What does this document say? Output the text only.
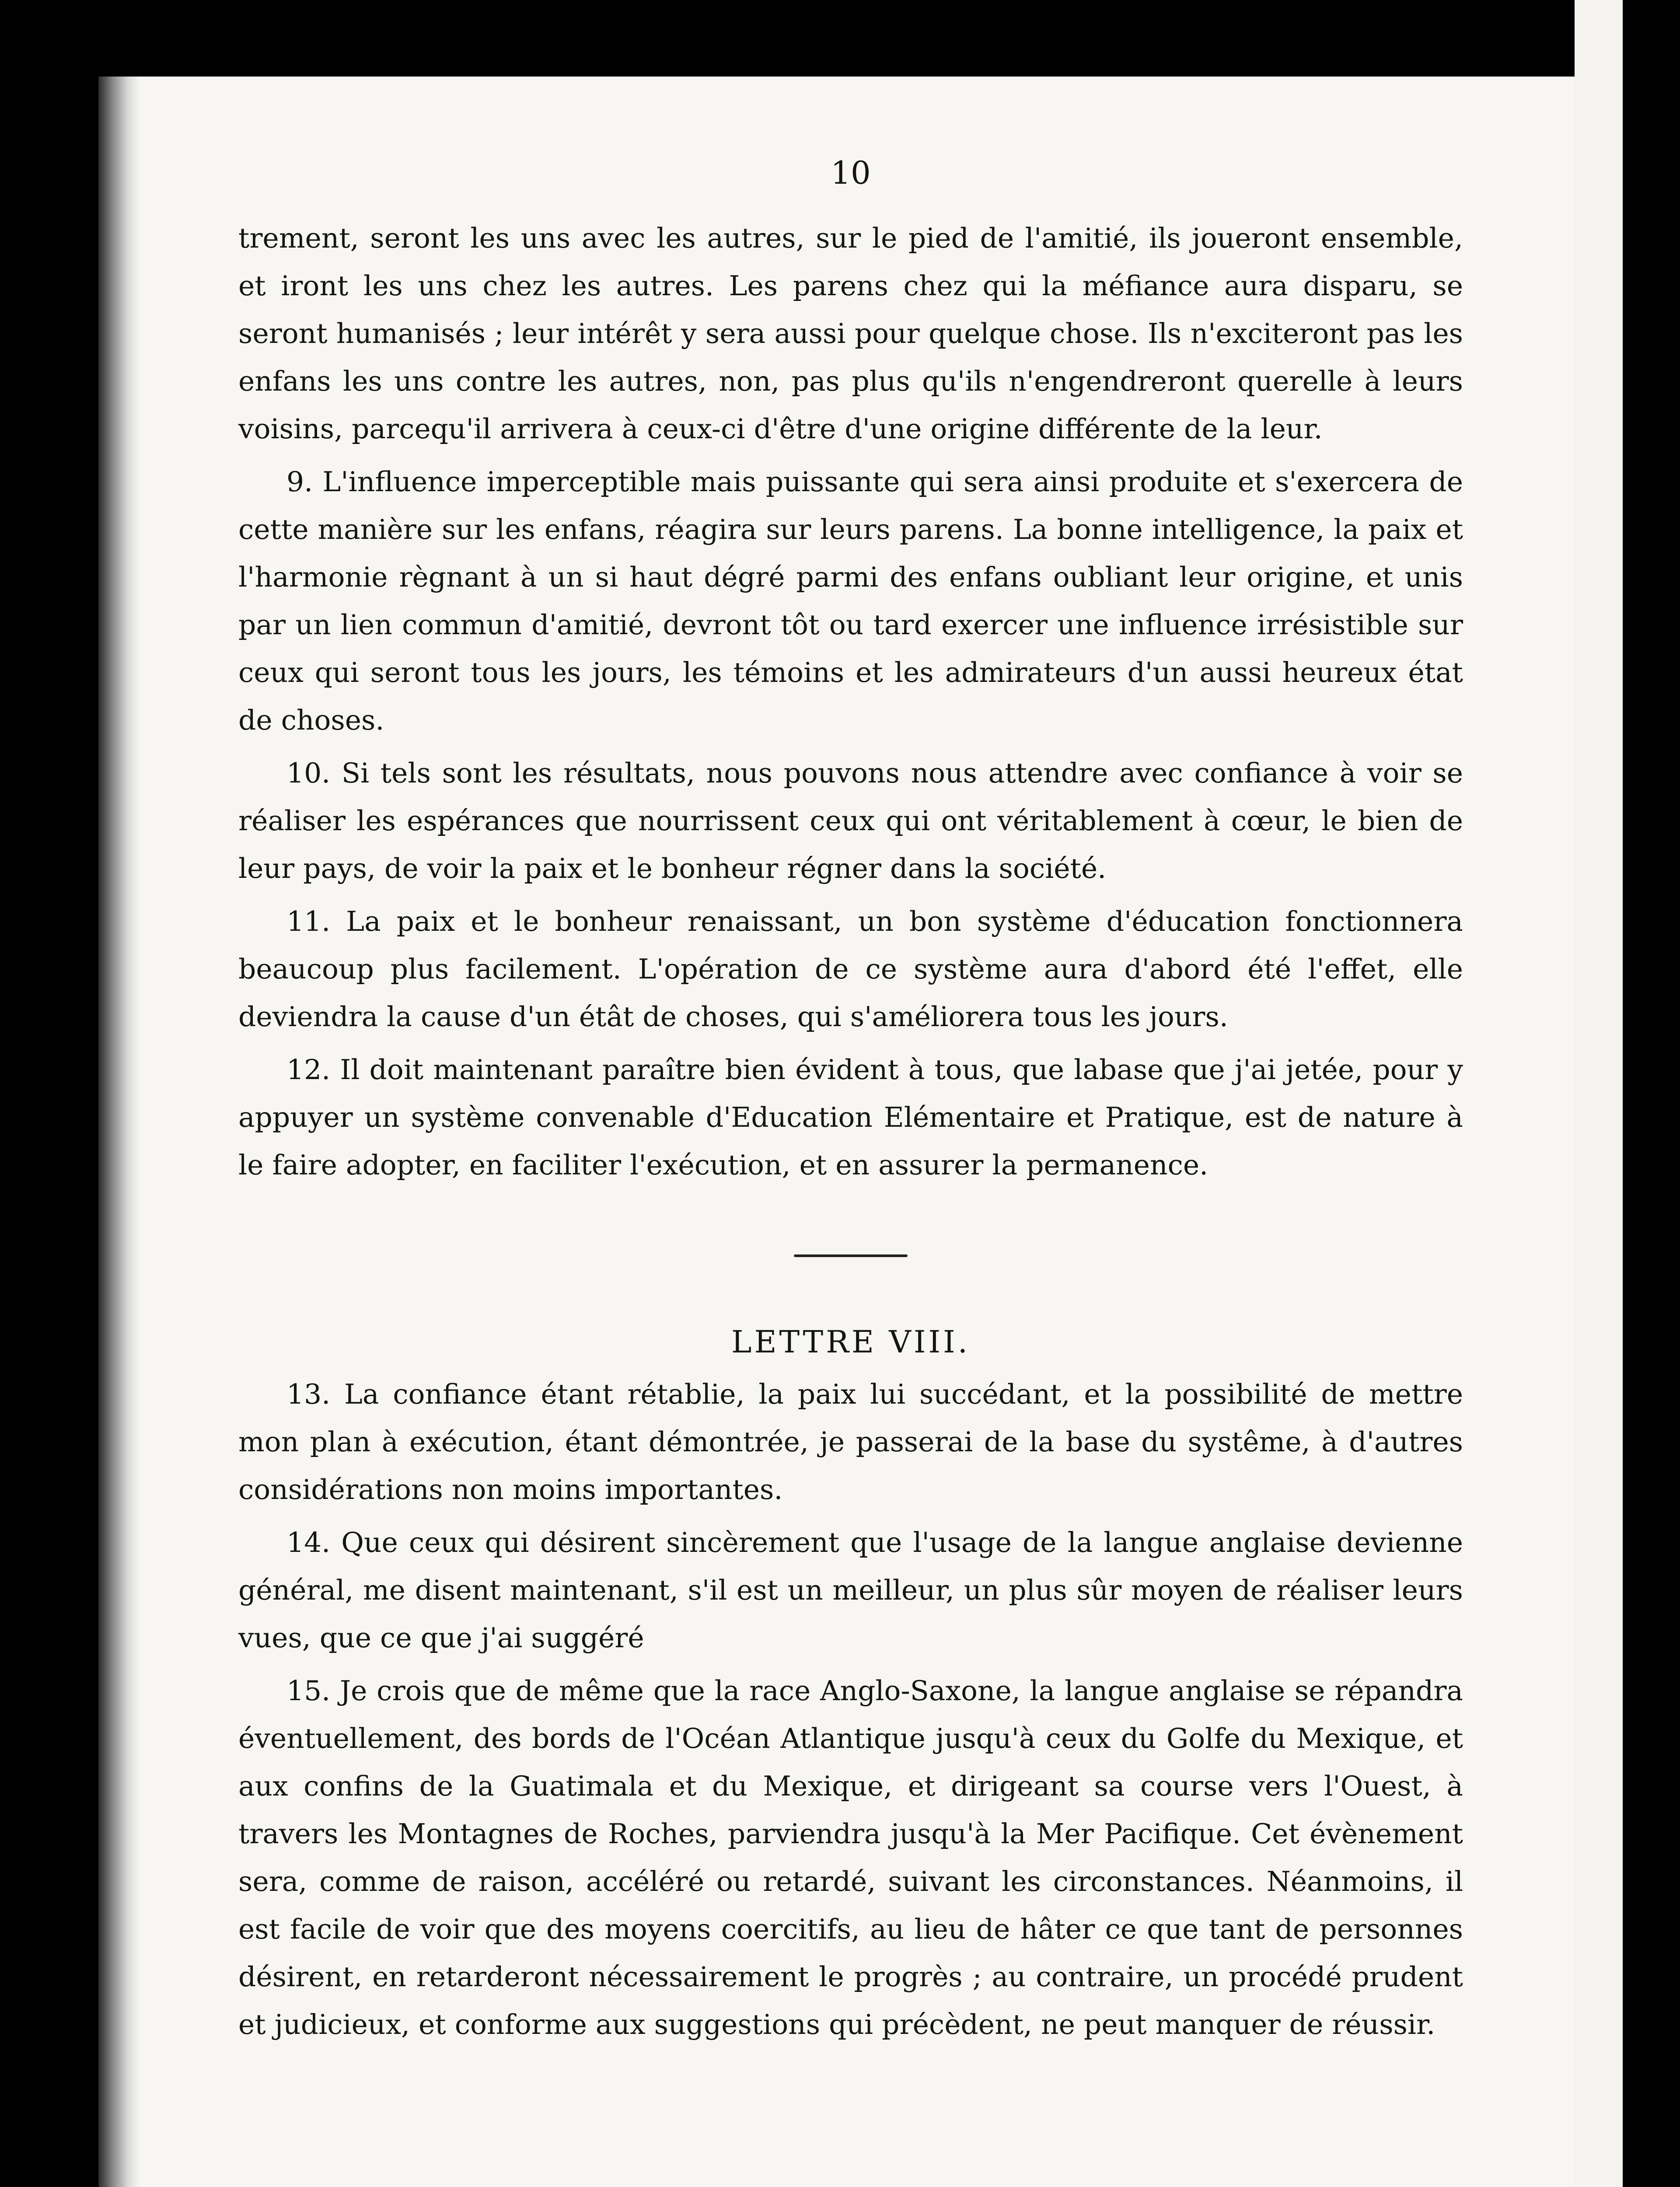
10

trement, seront les uns avec les autres, sur le pied de l'amitié, ils joueront ensemble, et iront les uns chez les autres. Les parens chez qui la méfiance aura disparu, se seront humanisés ; leur intérêt y sera aussi pour quelque chose. Ils n'exciteront pas les enfans les uns contre les autres, non, pas plus qu'ils n'engendreront querelle à leurs voisins, parcequ'il arrivera à ceux-ci d'être d'une origine différente de la leur.

9. L'influence imperceptible mais puissante qui sera ainsi produite et s'exercera de cette manière sur les enfans, réagira sur leurs parens. La bonne intelligence, la paix et l'harmonie règnant à un si haut dégré parmi des enfans oubliant leur origine, et unis par un lien commun d'amitié, devront tôt ou tard exercer une influence irrésistible sur ceux qui seront tous les jours, les témoins et les admirateurs d'un aussi heureux état de choses.

10. Si tels sont les résultats, nous pouvons nous attendre avec confiance à voir se réaliser les espérances que nourrissent ceux qui ont véritablement à cœur, le bien de leur pays, de voir la paix et le bonheur régner dans la société.

11. La paix et le bonheur renaissant, un bon système d'éducation fonctionnera beaucoup plus facilement. L'opération de ce système aura d'abord été l'effet, elle deviendra la cause d'un étât de choses, qui s'améliorera tous les jours.

12. Il doit maintenant paraître bien évident à tous, que labase que j'ai jetée, pour y appuyer un système convenable d'Education Elémentaire et Pratique, est de nature à le faire adopter, en faciliter l'exécution, et en assurer la permanence.

LETTRE VIII.

13. La confiance étant rétablie, la paix lui succédant, et la possibilité de mettre mon plan à exécution, étant démontrée, je passerai de la base du systême, à d'autres considérations non moins importantes.

14. Que ceux qui désirent sincèrement que l'usage de la langue anglaise devienne général, me disent maintenant, s'il est un meilleur, un plus sûr moyen de réaliser leurs vues, que ce que j'ai suggéré

15. Je crois que de même que la race Anglo-Saxone, la langue anglaise se répandra éventuellement, des bords de l'Océan Atlantique jusqu'à ceux du Golfe du Mexique, et aux confins de la Guatimala et du Mexique, et dirigeant sa course vers l'Ouest, à travers les Montagnes de Roches, parviendra jusqu'à la Mer Pacifique. Cet évènement sera, comme de raison, accéléré ou retardé, suivant les circonstances. Néanmoins, il est facile de voir que des moyens coercitifs, au lieu de hâter ce que tant de personnes désirent, en retarderont nécessairement le progrès ; au contraire, un procédé prudent et judicieux, et conforme aux suggestions qui précèdent, ne peut manquer de réussir.
